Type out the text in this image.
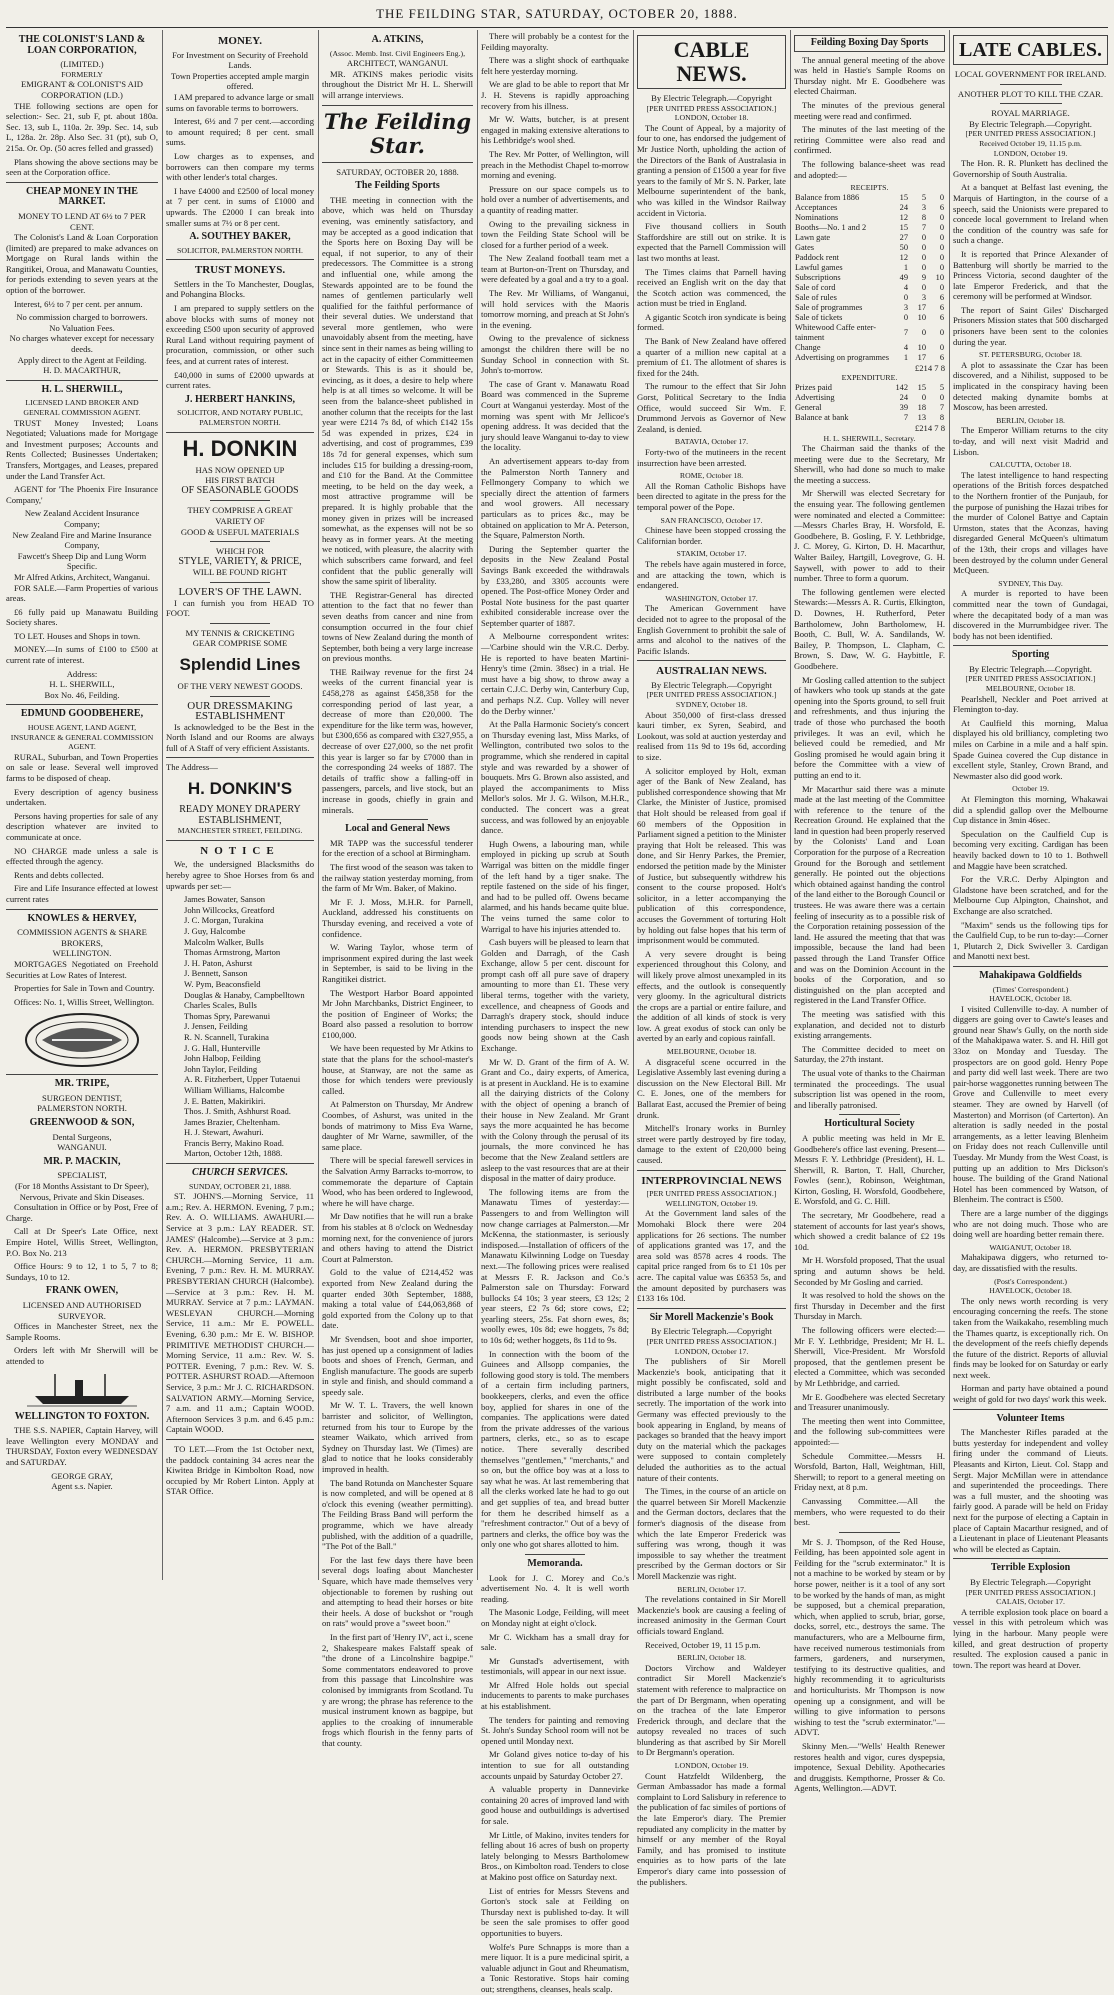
THE FEILDING STAR, SATURDAY, OCTOBER 20, 1888.
THE COLONIST'S LAND & LOAN CORPORATION,
(LIMITED.)
FORMERLY
EMIGRANT & COLONIST'S AID CORPORATION (LD.)

THE following sections are open for selection:- Sec. 21, sub F, pt. about 180a. Sec. 13, sub L, 110a. 2r. 39p. Sec. 14, sub L, 128a. 2r. 28p. Also Sec. 31 (pt), sub O, 215a. Or. Op. (50 acres felled and grassed)

Plans showing the above sections may be seen at the Corporation office.

CHEAP MONEY IN THE MARKET.
MONEY TO LEND AT 6½ to 7 PER CENT.

The Colonist's Land & Loan Corporation (limited) are prepared to make advances on Mortgage on Rural lands within the Rangitikei, Oroua, and Manawatu Counties, for periods extending to seven years at the option of the borrower.

Interest, 6½ to 7 per cent. per annum.

No commission charged to borrowers.
No Valuation Fees.
No charges whatever except for necessary deeds.
Apply direct to the Agent at Feilding.
H. D. MACARTHUR,
H. L. SHERWILL,
LICENSED LAND BROKER AND
GENERAL COMMISSION AGENT.

TRUST Money Invested; Loans Negotiated; Valuations made for Mortgage and Investment purposes; Accounts and Rents Collected; Businesses Undertaken; Transfers, Mortgages, and Leases, prepared under the Land Transfer Act.

AGENT for 'The Phoenix Fire Insurance Company,'

New Zealand Accident Insurance Company;
New Zealand Fire and Marine Insurance Company,
Fawcett's Sheep Dip and Lung Worm Specific.
Mr Alfred Atkins, Architect, Wanganui.

FOR SALE.—Farm Properties of various areas.

£6 fully paid up Manawatu Building Society shares.

TO LET. Houses and Shops in town.

MONEY.—In sums of £100 to £500 at current rate of interest.

Address:
H. L. SHERWILL,
Box No. 46, Feilding.
EDMUND GOODBEHERE,
HOUSE AGENT, LAND AGENT, INSURANCE & GENERAL COMMISSION AGENT.

RURAL, Suburban, and Town Properties on sale or lease. Several well improved farms to be disposed of cheap.

Every description of agency business undertaken.

Persons having properties for sale of any description whatever are invited to communicate at once.

NO CHARGE made unless a sale is effected through the agency.

Rents and debts collected.

Fire and Life Insurance effected at lowest current rates

KNOWLES & HERVEY,
COMMISSION AGENTS & SHARE BROKERS,
WELLINGTON.

MORTGAGES Negotiated on Freehold Securities at Low Rates of Interest.

Properties for Sale in Town and Country.

Offices: No. 1, Willis Street, Wellington.

MR. TRIPE,
SURGEON DENTIST,
PALMERSTON NORTH.
GREENWOOD & SON,
Dental Surgeons,
WANGANUI.
MR. P. MACKIN,
SPECIALIST,
(For 18 Months Assistant to Dr Speer),
Nervous, Private and Skin Diseases.

Consultation in Office or by Post, Free of Charge.

Call at Dr Speer's Late Office, next Empire Hotel, Willis Street, Wellington, P.O. Box No. 213

Office Hours: 9 to 12, 1 to 5, 7 to 8; Sundays, 10 to 12.

FRANK OWEN,
LICENSED AND AUTHORISED SURVEYOR.

Offices in Manchester Street, nex the Sample Rooms.

Orders left with Mr Sherwill will be attended to

WELLINGTON TO FOXTON.

THE S.S. NAPIER, Captain Harvey, will leave Wellington every MONDAY and THURSDAY, Foxton every WEDNESDAY and SATURDAY.

GEORGE GRAY,
Agent s.s. Napier.
MONEY.
For Investment on Security of Freehold Lands.
Town Properties accepted ample margin offered.

I AM prepared to advance large or small sums on favorable terms to borrowers.

Interest, 6½ and 7 per cent.—according to amount required; 8 per cent. small sums.

Low charges as to expenses, and borrowers can then compare my terms with other lender's total charges.

I have £4000 and £2500 of local money at 7 per cent. in sums of £1000 and upwards. The £2000 I can break into smaller sums at 7½ or 8 per cent.

A. SOUTHEY BAKER,
SOLICITOR, PALMERSTON NORTH.
TRUST MONEYS.

Settlers in the To Manchester, Douglas, and Pohangina Blocks.

I am prepared to supply settlers on the above blocks with sums of money not exceeding £500 upon security of approved Rural Land without requiring payment of procuration, commission, or other such fees, and at current rates of interest.

£40,000 in sums of £2000 upwards at current rates.

J. HERBERT HANKINS,
SOLICITOR, AND NOTARY PUBLIC,
PALMERSTON NORTH.
H. DONKIN
HAS NOW OPENED UP
HIS FIRST BATCH
OF SEASONABLE GOODS
THEY COMPRISE A GREAT
VARIETY OF
GOOD & USEFUL MATERIALS
WHICH FOR
STYLE, VARIETY, & PRICE,
WILL BE FOUND RIGHT
LOVER'S OF THE LAWN.

I can furnish you from HEAD TO FOOT.

MY TENNIS & CRICKETING
GEAR COMPRISE SOME
Splendid Lines
OF THE VERY NEWEST GOODS.
OUR DRESSMAKING ESTABLISHMENT

Is acknowledged to be the Best in the North Island and our Rooms are always full of A Staff of very efficient Assistants.

The Address—
H. DONKIN'S
READY MONEY DRAPERY ESTABLISHMENT,
MANCHESTER STREET, FEILDING.
NOTICE

We, the undersigned Blacksmiths do hereby agree to Shoe Horses from 6s and upwards per set:—

James Bowater, Sanson
John Willcocks, Greatford
J. C. Morgan, Turakina
J. Guy, Halcombe
Malcolm Walker, Bulls
Thomas Armstrong, Marton
J. H. Paton, Ashurst
J. Bennett, Sanson
W. Pym, Beaconsfield
Douglas & Hanaby, Campbelltown
Charles Scales, Bulls
Thomas Spry, Parewanui
J. Jensen, Feilding
R. N. Scannell, Turakina
J. G. Hall, Hunterville
John Halbop, Feilding
John Taylor, Feilding
A. R. Fitzherbert, Upper Tutaenui
William Williams, Halcombe
J. E. Batten, Makirikiri.
Thos. J. Smith, Ashhurst Road.
James Brazier, Cheltenham.
H. J. Stewart, Awahuri.
Francis Berry, Makino Road.
Marton, October 12th, 1888.
CHURCH SERVICES.
SUNDAY, OCTOBER 21, 1888.

ST. JOHN'S.—Morning Service, 11 a.m.; Rev. A. HERMON. Evening, 7 p.m.; Rev. A. O. WILLIAMS. AWAHURI.—Service at 3 p.m.: LAY READER. ST. JAMES' (Halcombe).—Service at 3 p.m.: Rev. A. HERMON. PRESBYTERIAN CHURCH.—Morning Service, 11 a.m. Evening, 7 p.m.: Rev. H. M. MURRAY. PRESBYTERIAN CHURCH (Halcombe).—Service at 3 p.m.: Rev. H. M. MURRAY. Service at 7 p.m.: LAYMAN. WESLEYAN CHURCH.—Morning Service, 11 a.m.: Mr E. POWELL. Evening, 6.30 p.m.: Mr E. W. BISHOP. PRIMITIVE METHODIST CHURCH.—Morning Service, 11 a.m.: Rev. W. S. POTTER. Evening, 7 p.m.: Rev. W. S. POTTER. ASHURST ROAD.—Afternoon Service, 3 p.m.: Mr J. C. RICHARDSON. SALVATION ARMY.—Morning Service, 7 a.m. and 11 a.m.; Captain WOOD. Afternoon Services 3 p.m. and 6.45 p.m.: Captain WOOD.

TO LET.—From the 1st October next, the paddock containing 34 acres near the Kiwitea Bridge in Kimbolton Road, now occupied by Mr Robert Linton. Apply at STAR Office.

A. ATKINS,
(Assoc. Memb. Inst. Civil Engineers Eng.),
ARCHITECT, WANGANUI.

MR. ATKINS makes periodic visits throughout the District Mr H. L. Sherwill will arrange interviews.

The Feilding Star.
SATURDAY, OCTOBER 20, 1888.
The Feilding Sports

THE meeting in connection with the above, which was held on Thursday evening, was eminently satisfactory, and may be accepted as a good indication that the Sports here on Boxing Day will be equal, if not superior, to any of their predecessors. The Committee is a strong and influential one, while among the Stewards appointed are to be found the names of gentlemen particularly well qualified for the faithful performance of their several duties. We understand that several more gentlemen, who were unavoidably absent from the meeting, have since sent in their names as being willing to act in the capacity of either Committeemen or Stewards. This is as it should be, evincing, as it does, a desire to help where help is at all times so welcome. It will be seen from the balance-sheet published in another column that the receipts for the last year were £214 7s 8d, of which £142 15s 5d was expended in prizes, £24 in advertising, and cost of programmes, £39 18s 7d for general expenses, which sum includes £15 for building a dressing-room, and £10 for the Band. At the Committee meeting, to be held on the day week, a most attractive programme will be prepared. It is highly probable that the money given in prizes will be increased somewhat, as the expenses will not be so heavy as in former years. At the meeting we noticed, with pleasure, the alacrity with which subscribers came forward, and feel confident that the public generally will show the same spirit of liberality.

THE Registrar-General has directed attention to the fact that no fewer than seven deaths from cancer and nine from consumption occurred in the four chief towns of New Zealand during the month of September, both being a very large increase on previous months.

THE Railway revenue for the first 24 weeks of the current financial year is £458,278 as against £458,358 for the corresponding period of last year, a decrease of more than £20,000. The expenditure for the like term was, however, but £300,656 as compared with £327,955, a decrease of over £27,000, so the net profit this year is larger so far by £7000 than in the corresponding 24 weeks of 1887. The details of traffic show a falling-off in passengers, parcels, and live stock, but an increase in goods, chiefly in grain and minerals.

Local and General News

MR TAPP was the successful tenderer for the erection of a school at Birmingham.

The first wood of the season was taken to the railway station yesterday morning, from the farm of Mr Wm. Baker, of Makino.

Mr F. J. Moss, M.H.R. for Parnell, Auckland, addressed his constituents on Thursday evening, and received a vote of confidence.

W. Waring Taylor, whose term of imprisonment expired during the last week in September, is said to be living in the Rangitikei district.

The Westport Harbor Board appointed Mr John Marchbanks, District Engineer, to the position of Engineer of Works; the Board also passed a resolution to borrow £100,000.

We have been requested by Mr Atkins to state that the plans for the school-master's house, at Stanway, are not the same as those for which tenders were previously called.

At Palmerston on Thursday, Mr Andrew Coombes, of Ashurst, was united in the bonds of matrimony to Miss Eva Warne, daughter of Mr Warne, sawmiller, of the same place.

There will be special farewell services in the Salvation Army Barracks to-morrow, to commemorate the departure of Captain Wood, who has been ordered to Inglewood, where he will have charge.

Mr Daw notifies that he will run a brake from his stables at 8 o'clock on Wednesday morning next, for the convenience of jurors and others having to attend the District Court at Palmerston.

Gold to the value of £214,452 was exported from New Zealand during the quarter ended 30th September, 1888, making a total value of £44,063,868 of gold exported from the Colony up to that date.

Mr Svendsen, boot and shoe importer, has just opened up a consignment of ladies boots and shoes of French, German, and English manufacture. The goods are superb in style and finish, and should command a speedy sale.

Mr W. T. L. Travers, the well known barrister and solicitor, of Wellington, returned from his tour to Europe by the steamer Waikato, which arrived from Sydney on Thursday last. We (Times) are glad to notice that he looks considerably improved in health.

The band Rotunda on Manchester Square is now completed, and will be opened at 8 o'clock this evening (weather permitting). The Feilding Brass Band will perform the programme, which we have already published, with the addition of a quadrille, "The Pot of the Ball."

For the last few days there have been several dogs loafing about Manchester Square, which have made themselves very objectionable to foremen by rushing out and attempting to head their horses or bite their heels. A dose of buckshot or "rough on rats" would prove a "sweet boon."

In the first part of 'Henry IV', act i., scene 2, Shakespeare makes Falstaff speak of "the drone of a Lincolnshire bagpipe." Some commentators endeavored to prove from this passage that Lincolnshire was colonised by immigrants from Scotland. Tu y are wrong; the phrase has reference to the musical instrument known as bagpipe, but applies to the croaking of innumerable frogs which flourish in the fenny parts of that county.

There will probably be a contest for the Feilding mayoralty.

There was a slight shock of earthquake felt here yesterday morning.

We are glad to be able to report that Mr J. H. Stevens is rapidly approaching recovery from his illness.

Mr W. Watts, butcher, is at present engaged in making extensive alterations to his Lethbridge's wool shed.

The Rev. Mr Potter, of Wellington, will preach in the Methodist Chapel to-morrow morning and evening.

Pressure on our space compels us to hold over a number of advertisements, and a quantity of reading matter.

Owing to the prevailing sickness in town the Feilding State School will be closed for a further period of a week.

The New Zealand football team met a team at Burton-on-Trent on Thursday, and were defeated by a goal and a try to a goal.

The Rev. Mr Williams, of Wanganui, will hold services with the Maoris tomorrow morning, and preach at St John's in the evening.

Owing to the prevalence of sickness amongst the children there will be no Sunday School in connection with St. John's to-morrow.

The case of Grant v. Manawatu Road Board was commenced in the Supreme Court at Wanganui yesterday. Most of the morning was spent with Mr Jellicoe's opening address. It was decided that the jury should leave Wanganui to-day to view the locality.

An advertisement appears to-day from the Palmerston North Tannery and Fellmongery Company to which we specially direct the attention of farmers and wool growers. All necessary particulars as to prices &c., may be obtained on application to Mr A. Peterson, the Square, Palmerston North.

During the September quarter the deposits in the New Zealand Postal Savings Bank exceeded the withdrawals by £33,280, and 3305 accounts were opened. The Post-office Money Order and Postal Note business for the past quarter exhibited considerable increase over the September quarter of 1887.

A Melbourne correspondent writes:—'Carbine should win the V.R.C. Derby. He is reported to have beaten Martini-Henry's time (2min. 38sec) in a trial. He must have a big show, to throw away a certain C.J.C. Derby win, Canterbury Cup, and perhaps N.Z. Cup. Volley will never do the Derby winner.'

At the Palla Harmonic Society's concert on Thursday evening last, Miss Marks, of Wellington, contributed two solos to the programme, which she rendered in capital style and was rewarded by a shower of bouquets. Mrs G. Brown also assisted, and played the accompaniments to Miss Mellor's solos. Mr J. G. Wilson, M.H.R., conducted. The concert was a great success, and was followed by an enjoyable dance.

Hugh Owens, a labouring man, while employed in picking up scrub at South Warrigal was bitten on the middle finger of the left hand by a tiger snake. The reptile fastened on the side of his finger, and had to be pulled off. Owens became alarmed, and his hands became quite blue. The veins turned the same color to Warrigal to have his injuries attended to.

Cash buyers will be pleased to learn that Golden and Darragh, of the Cash Exchange, allow 5 per cent. discount for prompt cash off all pure save of drapery amounting to more than £1. These very liberal terms, together with the variety, excellence, and cheapness of Goods and Darragh's drapery stock, should induce intending purchasers to inspect the new goods now being shown at the Cash Exchange.

Mr W. D. Grant of the firm of A. W. Grant and Co., dairy experts, of America, is at present in Auckland. He is to examine all the dairying districts of the Colony with the object of opening a branch of their house in New Zealand. Mr Grant says the more acquainted he has become with the Colony through the perusal of its journals, the more convinced he has become that the New Zealand settlers are asleep to the vast resources that are at their disposal in the matter of dairy produce.

The following items are from the Manawatu Times of yesterday:—Passengers to and from Wellington will now change carriages at Palmerston.—Mr McKenna, the stationmaster, is seriously indisposed.—Installation of officers of the Manawatu Kilwinning Lodge on Tuesday next.—The following prices were realised at Messrs F. R. Jackson and Co.'s Palmerston sale on Thursday: Forward bullocks £4 10s; 3 year steers, £3 12s; 2 year steers, £2 7s 6d; store cows, £2; yearling steers, 25s. Fat shorn ewes, 8s; woolly ewes, 10s 8d; ewe hoggets, 7s 8d; to 10s 6d; wether hoggets, 8s 11d to 9s.

In connection with the boom of the Guinees and Allsopp companies, the following good story is told. The members of a certain firm including partners, bookkeepers, clerks, and even the office boy, applied for shares in one of the companies. The applications were dated from the private addresses of the various partners, clerks, etc., so as to escape notice. There severally described themselves "gentlemen," "merchants," and so on, but the office boy was at a loss to say what he was. At last remembering that all the clerks worked late he had to go out and get supplies of tea, and bread butter for them he described himself as a "refreshment contractor." Out of a bevy of partners and clerks, the office boy was the only one who got shares allotted to him.

Memoranda.

Look for J. C. Morey and Co.'s advertisement No. 4. It is well worth reading.

The Masonic Lodge, Feilding, will meet on Monday night at eight o'clock.

Mr C. Wickham has a small dray for sale.

Mr Gunstad's advertisement, with testimonials, will appear in our next issue.

Mr Alfred Hole holds out special inducements to parents to make purchases at his establishment.

The tenders for painting and removing St. John's Sunday School room will not be opened until Monday next.

Mr Goland gives notice to-day of his intention to sue for all outstanding accounts unpaid by Saturday October 27.

A valuable property in Dannevirke containing 20 acres of improved land with good house and outbuildings is advertised for sale.

Mr Little, of Makino, invites tenders for felling about 16 acres of bush on property lately belonging to Messrs Bartholomew Bros., on Kimbolton road. Tenders to close at Makino post office on Saturday next.

List of entries for Messrs Stevens and Gorton's stock sale at Feilding on Thursday next is published to-day. It will be seen the sale promises to offer good opportunities to buyers.

Wolfe's Pure Schnapps is more than a mere liquor. It is a pure medicinal spirit, a valuable adjunct in Gout and Rheumatism, a Tonic Restorative. Stops hair coming out; strengthens, cleanses, heals scalp.

CABLE NEWS.
By Electric Telegraph.—Copyright
[PER UNITED PRESS ASSOCIATION.]
LONDON, October 18.

The Count of Appeal, by a majority of four to one, has endorsed the judgement of Mr Justice North, upholding the action of the Directors of the Bank of Australasia in granting a pension of £1500 a year for five years to the family of Mr S. N. Parker, late Melbourne superintendent of the bank, who was killed in the Windsor Railway accident in Victoria.

Five thousand colliers in South Staffordshire are still out on strike. It is expected that the Parnell Commission will last two months at least.

The Times claims that Parnell having received an English writ on the day that the Scotch action was commenced, the action must be tried in England.

A gigantic Scotch iron syndicate is being formed.

The Bank of New Zealand have offered a quarter of a million new capital at a premium of £1. The allotment of shares is fixed for the 24th.

The rumour to the effect that Sir John Gorst, Political Secretary to the India Office, would succeed Sir Wm. F. Drummond Jervois as Governor of New Zealand, is denied.

BATAVIA, October 17.

Forty-two of the mutineers in the recent insurrection have been arrested.

ROME, October 18.

All the Roman Catholic Bishops have been directed to agitate in the press for the temporal power of the Pope.

SAN FRANCISCO, October 17.

Chinese have been stopped crossing the Californian border.

STAKIM, October 17.

The rebels have again mustered in force, and are attacking the town, which is endangered.

WASHINGTON, October 17.

The American Government have decided not to agree to the proposal of the English Government to prohibit the sale of arms and alcohol to the natives of the Pacific Islands.

AUSTRALIAN NEWS.
By Electric Telegraph.—Copyright
[PER UNITED PRESS ASSOCIATION.]
SYDNEY, October 18.

About 350,000 of first-class dressed kauri timber, ex Syren, Seabird, and Lookout, was sold at auction yesterday and realised from 11s 9d to 19s 6d, according to size.

A solicitor employed by Holt, exman ager of the Bank of New Zealand, has published correspondence showing that Mr Clarke, the Minister of Justice, promised that Holt should be released from goal if 60 members of the Opposition in Parliament signed a petition to the Minister praying that Holt be released. This was done, and Sir Henry Parkes, the Premier, endorsed the petition made by the Minister of Justice, but subsequently withdrew his consent to the course proposed. Holt's solicitor, in a letter accompanying the publication of this correspondence, accuses the Government of torturing Holt by holding out false hopes that his term of imprisonment would be commuted.

A very severe drought is being experienced throughout this Colony, and will likely prove almost unexampled in its effects, and the outlook is consequently very gloomy. In the agricultural districts the crops are a partial or entire failure, and the addition of all kinds of stock is very low. A great exodus of stock can only be averted by an early and copious rainfall.

MELBOURNE, October 18.

A disgraceful scene occurred in the Legislative Assembly last evening during a discussion on the New Electoral Bill. Mr C. E. Jones, one of the members for Ballarat East, accused the Premier of being drunk.

Mitchell's Ironary works in Burnley street were partly destroyed by fire today, damage to the extent of £20,000 being caused.

INTERPROVINCIAL NEWS
[PER UNITED PRESS ASSOCIATION.]
WELLINGTON, October 19.

At the Government land sales of the Momohaki Block there were 204 applications for 26 sections. The number of applications granted was 17, and the area sold was 8578 acres 4 roods. The capital price ranged from 6s to £1 10s per acre. The capital value was £6353 5s, and the amount deposited by purchasers was £133 16s 10d.

Sir Morell Mackenzie's Book
By Electric Telegraph.—Copyright
[PER UNITED PRESS ASSOCIATION.]
LONDON, October 17.

The publishers of Sir Morell Mackenzie's book, anticipating that it might possibly be confiscated, sold and distributed a large number of the books secretly. The importation of the work into Germany was effected previously to the book appearing in England, by means of packages so branded that the heavy import duty on the material which the packages were supposed to contain completely deluded the authorities as to the actual nature of their contents.

The Times, in the course of an article on the quarrel between Sir Morell Mackenzie and the German doctors, declares that the former's diagnosis of the disease from which the late Emperor Frederick was suffering was wrong, though it was impossible to say whether the treatment prescribed by the German doctors or Sir Morell Mackenzie was right.

BERLIN, October 17.

The revelations contained in Sir Morell Mackenzie's book are causing a feeling of increased animosity in the German Court officials toward England.

Received, October 19, 11 15 p.m.

BERLIN, October 18.

Doctors Virchow and Waldeyer contradict Sir Morell Mackenzie's statement with reference to malpractice on the part of Dr Bergmann, when operating on the trachea of the late Emperor Frederick through, and declare that the autopsy revealed no traces of such blundering as that ascribed by Sir Morell to Dr Bergmann's operation.

LONDON, October 19.

Count Hatzfeldt Wildenberg, the German Ambassador has made a formal complaint to Lord Salisbury in reference to the publication of fac similes of portions of the late Emperor's diary. The Premier repudiated any complicity in the matter by himself or any member of the Royal Family, and has promised to institute enquiries as to how parts of the late Emperor's diary came into possession of the publishers.

Feilding Boxing Day Sports

The annual general meeting of the above was held in Hastie's Sample Rooms on Thursday night. Mr E. Goodbehere was elected Chairman.

The minutes of the previous general meeting were read and confirmed.

The minutes of the last meeting of the retiring Committee were also read and confirmed.

The following balance-sheet was read and adopted:—

RECEIPTS.
Balance from 1886	15	5	0
Acceptances	24	3	6
Nominations	12	8	0
Booths—No. 1 and 2	15	7	0
Lawn gate	27	0	0
Gates	50	0	0
Paddock rent	12	0	0
Lawful games	1	0	0
Subscriptions	49	9	10
Sale of cord	4	0	0
Sale of rules	0	3	6
Sale of programmes	3	17	6
Sale of tickets	0	10	6
Whitewood Caffe enter-tainment	7	0	0
Change	4	10	0
Advertising on programmes	1	17	6
£214 7 8
EXPENDITURE.
Prizes paid	142	15	5
Advertising	24	0	0
General	39	18	7
Balance at bank	7	13	8
£214 7 8
H. L. SHERWILL, Secretary.

The Chairman said the thanks of the meeting were due to the Secretary, Mr Sherwill, who had done so much to make the meeting a success.

Mr Sherwill was elected Secretary for the ensuing year. The following gentlemen were nominated and elected a Committee:—Messrs Charles Bray, H. Worsfold, E. Goodbehere, B. Gosling, F. Y. Lethbridge, J. C. Morey, G. Kirton, D. H. Macarthur, Walter Bailey, Hartgill, Lovegrove, G. H. Saywell, with power to add to their number. Three to form a quorum.

The following gentlemen were elected Stewards:—Messrs A. R. Curtis, Elkington, D. Downes, H. Rutherford, Peter Bartholomew, John Bartholomew, H. Booth, C. Bull, W. A. Sandilands, W. Bailey, P. Thompson, L. Clapham, C. Brown, S. Daw, W. G. Haybittle, F. Goodbehere.

Mr Gosling called attention to the subject of hawkers who took up stands at the gate opening into the Sports ground, to sell fruit and refreshments, and thus injuring the trade of those who purchased the booth privileges. It was an evil, which he believed could be remedied, and Mr Gosling promised he would again bring it before the Committee with a view of putting an end to it.

Mr Macarthur said there was a minute made at the last meeting of the Committee with reference to the tenure of the Recreation Ground. He explained that the land in question had been properly reserved by the Colonists' Land and Loan Corporation for the purpose of a Recreation Ground for the Borough and settlement generally. He pointed out the objections which obtained against handing the control of the land either to the Borough Council or trustees. He was aware there was a certain feeling of insecurity as to a possible risk of the Corporation retaining possession of the land. He assured the meeting that that was impossible, because the land had been passed through the Land Transfer Office and was on the Dominion Account in the books of the Corporation, and so distinguished on the plan accepted and registered in the Land Transfer Office.

The meeting was satisfied with this explanation, and decided not to disturb existing arrangements.

The Committee decided to meet on Saturday, the 27th instant.

The usual vote of thanks to the Chairman terminated the proceedings. The usual subscription list was opened in the room, and liberally patronised.

Horticultural Society

A public meeting was held in Mr E. Goodbehere's office last evening. Present—Messrs F. Y. Lethbridge (President), H. L. Sherwill, R. Barton, T. Hall, Churcher, Fowles (senr.), Robinson, Weightman, Kirton, Gosling, H. Worsfold, Goodbehere, E. Worsfold, and G. C. Hill.

The secretary, Mr Goodbehere, read a statement of accounts for last year's shows, which showed a credit balance of £2 19s 10d.

Mr H. Worsfold proposed, That the usual spring and autumn shows be held. Seconded by Mr Gosling and carried.

It was resolved to hold the shows on the first Thursday in December and the first Thursday in March.

The following officers were elected:—Mr F. Y. Lethbridge, President; Mr H. L. Sherwill, Vice-President. Mr Worsfold proposed, that the gentlemen present be elected a Committee, which was seconded by Mr Lethbridge, and carried.

Mr E. Goodbehere was elected Secretary and Treasurer unanimously.

The meeting then went into Committee, and the following sub-committees were appointed:—

Schedule Committee.—Messrs H. Worsfold, Barton, Hall, Weightman, Hill, Sherwill; to report to a general meeting on Friday next, at 8 p.m.

Canvassing Committee.—All the members, who were requested to do their best.

Mr S. J. Thompson, of the Red House, Feilding, has been appointed sole agent in Feilding for the "scrub exterminator." It is not a machine to be worked by steam or by horse power, neither is it a tool of any sort to be worked by the hands of man, as might be supposed, but a chemical preparation, which, when applied to scrub, briar, gorse, docks, sorrel, etc., destroys the same. The manufacturers, who are a Melbourne firm, have received numerous testimonials from farmers, gardeners, and nurserymen, testifying to its destructive qualities, and highly recommending it to agriculturists and horticulturists. Mr Thompson is now opening up a consignment, and will be willing to give information to persons wishing to test the "scrub exterminator."—ADVT.

Skinny Men.—"Wells' Health Renewer restores health and vigor, cures dyspepsia, impotence, Sexual Debility. Apothecaries and druggists. Kempthorne, Prosser & Co. Agents, Wellington.—ADVT.

LATE CABLES.
LOCAL GOVERNMENT FOR IRELAND.
ANOTHER PLOT TO KILL THE CZAR.
ROYAL MARRIAGE.
By Electric Telegraph.—Copyright.
[PER UNITED PRESS ASSOCIATION.]
Received October 19, 11.15 p.m.
LONDON, October 19.

The Hon. R. R. Plunkett has declined the Governorship of South Australia.

At a banquet at Belfast last evening, the Marquis of Hartington, in the course of a speech, said the Unionists were prepared to concede local government to Ireland when the condition of the country was safe for such a change.

It is reported that Prince Alexander of Battenburg will shortly be married to the Princess Victoria, second daughter of the late Emperor Frederick, and that the ceremony will be performed at Windsor.

The report of Saint Giles' Discharged Prisoners Mission states that 500 discharged prisoners have been sent to the colonies during the year.

ST. PETERSBURG, October 18.

A plot to assassinate the Czar has been discovered, and a Nihilist, supposed to be implicated in the conspiracy having been detected making dynamite bombs at Moscow, has been arrested.

BERLIN, October 18.

The Emperor William returns to the city to-day, and will next visit Madrid and Lisbon.

CALCUTTA, October 18.

The latest intelligence to hand respecting operations of the British forces despatched to the Northern frontier of the Punjaub, for the purpose of punishing the Hazai tribes for the murder of Colonel Battye and Captain Urmston, states that the Aconzas, having disregarded General McQueen's ultimatum of the 13th, their crops and villages have been destroyed by the column under General McQueen.

SYDNEY, This Day.

A murder is reported to have been committed near the town of Gundagai, where the decapitated body of a man was discovered in the Murrumbidgee river. The body has not been identified.

Sporting
By Electric Telegraph.—Copyright.
[PER UNITED PRESS ASSOCIATION.]
MELBOURNE, October 18.

Pearlshell, Neckler and Poet arrived at Flemington to-day.

At Caulfield this morning, Malua displayed his old brilliancy, completing two miles on Carbine in a mile and a half spin. Spade Guinea covered the Cup distance in excellent style, Stanley, Crown Brand, and Newmaster also did good work.

October 19.

At Flemington this morning, Whakawai did a splendid gallop over the Melbourne Cup distance in 3min 46sec.

Speculation on the Caulfield Cup is becoming very exciting. Cardigan has been heavily backed down to 10 to 1. Bothwell and Maggie have been scratched.

For the V.R.C. Derby Alpington and Gladstone have been scratched, and for the Melbourne Cup Alpington, Chainshot, and Exchange are also scratched.

"Maxim" sends us the following tips for the Caulfield Cup, to be run to-day:—Corner 1, Plutarch 2, Dick Swiveller 3. Cardigan and Manotti next best.

Mahakipawa Goldfields
(Times' Correspondent.)
HAVELOCK, October 18.

I visited Cullenville to-day. A number of diggers are going over to Cawte's leases and ground near Shaw's Gully, on the north side of the Mahakipawa water. S. and H. Hill got 33oz on Monday and Tuesday. The prospectors are on good gold. Henry Pope and party did well last week. There are two pair-horse waggonettes running between The Grove and Cullenville to meet every steamer. They are owned by Harvell (of Masterton) and Morrison (of Carterton). An alteration is sadly needed in the postal arrangements, as a letter leaving Blenheim on Friday does not reach Cullenville until Tuesday. Mr Mundy from the West Coast, is putting up an addition to Mrs Dickson's house. The building of the Grand National Hotel has been commenced by Watson, of Blenheim. The contract is £500.

There are a large number of the diggings who are not doing much. Those who are doing well are hoarding better remain there.

WAIGANUT, October 18.

Mahakipawa diggers, who returned to-day, are dissatisfied with the results.

(Post's Correspondent.)
HAVELOCK, October 18.

The only news worth recording is very encouraging concerning the reefs. The stone taken from the Waikakaho, resembling much the Thames quartz, is exceptionally rich. On the development of the reefs chiefly depends the future of the district. Reports of alluvial finds may be looked for on Saturday or early next week.

Horman and party have obtained a pound weight of gold for two days' work this week.

Volunteer Items

The Manchester Rifles paraded at the butts yesterday for independent and volley firing under the command of Lieuts. Pleasants and Kirton, Lieut. Col. Stapp and Sergt. Major McMillan were in attendance and superintended the proceedings. There was a full muster, and the shooting was fairly good. A parade will be held on Friday next for the purpose of electing a Captain in place of Captain Macarthur resigned, and of a Lieutenant in place of Lieutenant Pleasants who will be elected as Captain.

Terrible Explosion
By Electric Telegraph.—Copyright
[PER UNITED PRESS ASSOCIATION.]
CALAIS, October 17.

A terrible explosion took place on board a vessel in this with petroleum which was lying in the harbour. Many people were killed, and great destruction of property resulted. The explosion caused a panic in town. The report was heard at Dover.
